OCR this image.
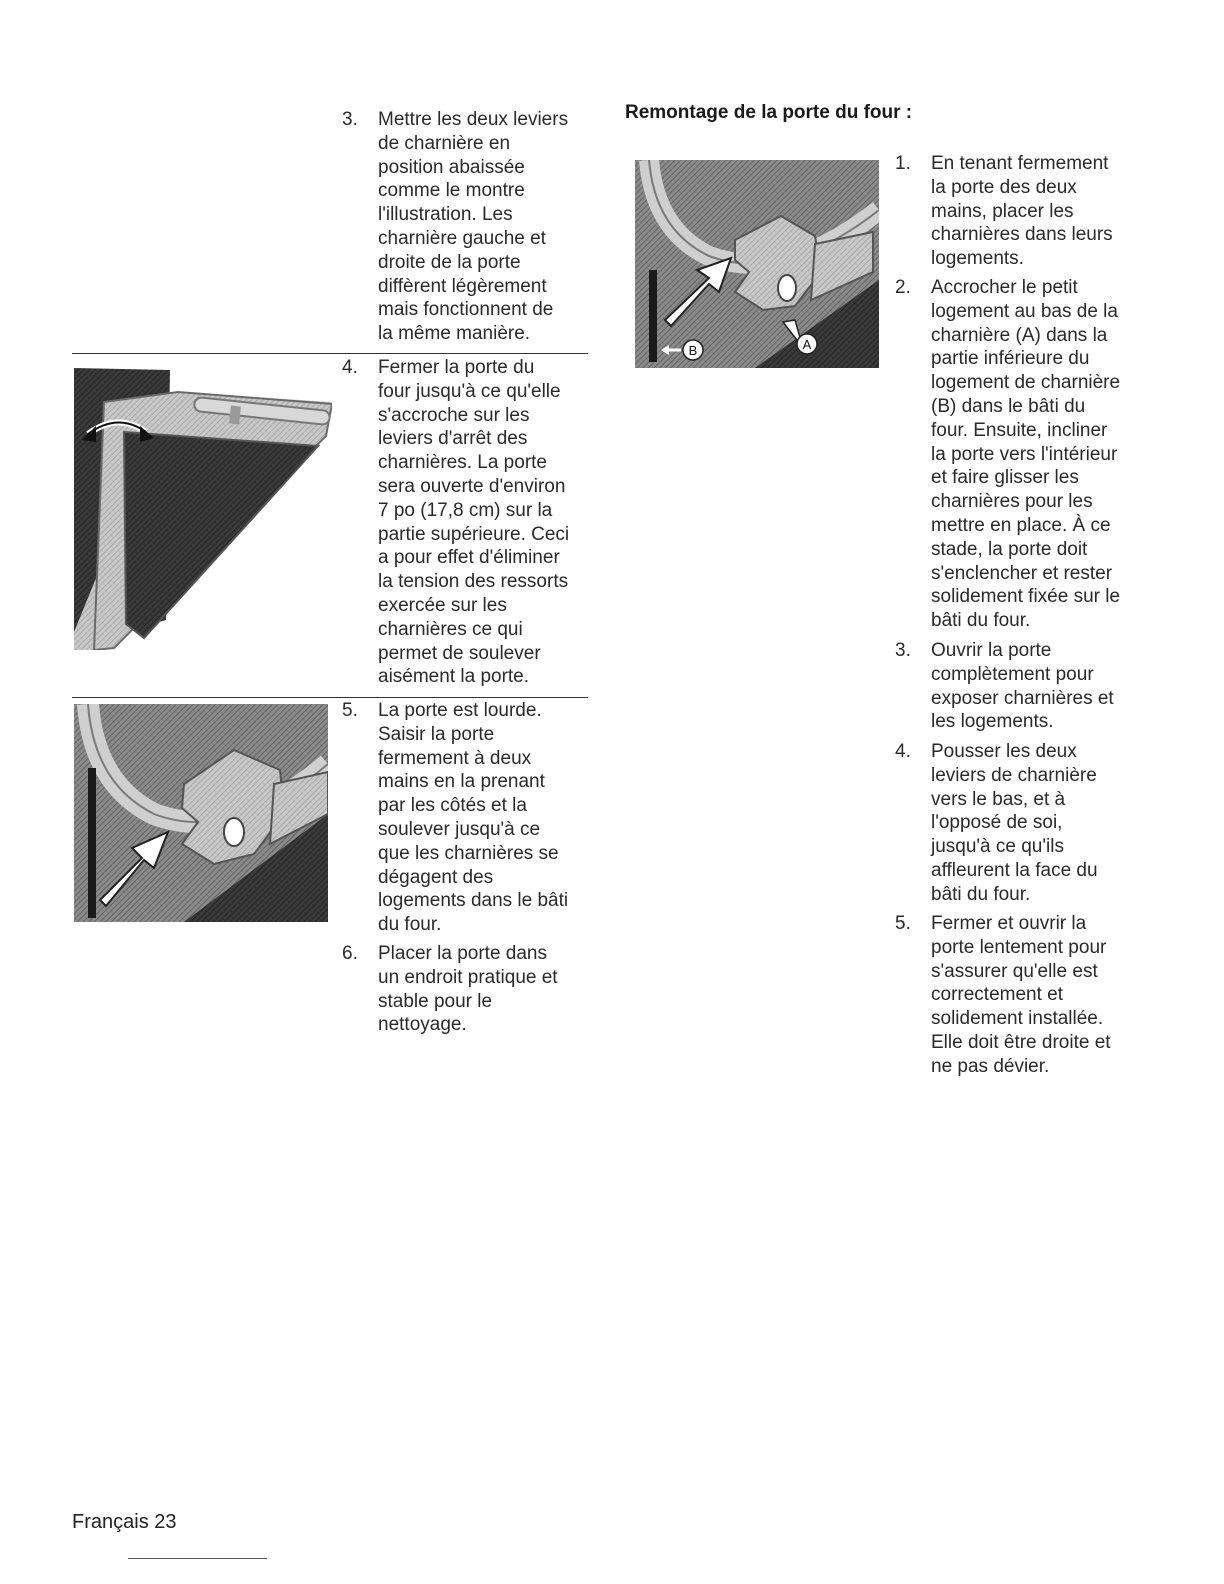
3. Mettre les deux leviers
de charnière en
position abaissée
comme le montre
l'illustration. Les
charnière gauche et
droite de la porte
diffèrent légèrement
mais fonctionnent de
la même manière.
4. Fermer la porte du
four jusqu'à ce qu'elle
s'accroche sur les
leviers d'arrêt des
charnières. La porte
sera ouverte d'environ
7 po (17,8 cm) sur la
partie supérieure. Ceci
a pour effet d'éliminer
la tension des ressorts
exercée sur les
charnières ce qui
permet de soulever
aisément la porte.
5. La porte est lourde.
Saisir la porte
fermement à deux
mains en la prenant
par les côtés et la
soulever jusqu'à ce
que les charnières se
dégagent des
logements dans le bâti
du four.
6. Placer la porte dans
un endroit pratique et
stable pour le
nettoyage.
Remontage de la porte du four :
B	A
1. En tenant fermement
la porte des deux
mains, placer les
charnières dans leurs
logements.
2. Accrocher le petit
logement au bas de la
charnière (A) dans la
partie inférieure du
logement de charnière
(B) dans le bâti du
four. Ensuite, incliner
la porte vers l'intérieur
et faire glisser les
charnières pour les
mettre en place. À ce
stade, la porte doit
s'enclencher et rester
solidement fixée sur le
bâti du four.
3. Ouvrir la porte
complètement pour
exposer charnières et
les logements.
4. Pousser les deux
leviers de charnière
vers le bas, et à
l'opposé de soi,
jusqu'à ce qu'ils
affleurent la face du
bâti du four.
5. Fermer et ouvrir la
porte lentement pour
s'assurer qu'elle est
correctement et
solidement installée.
Elle doit être droite et
ne pas dévier.
Français 23
